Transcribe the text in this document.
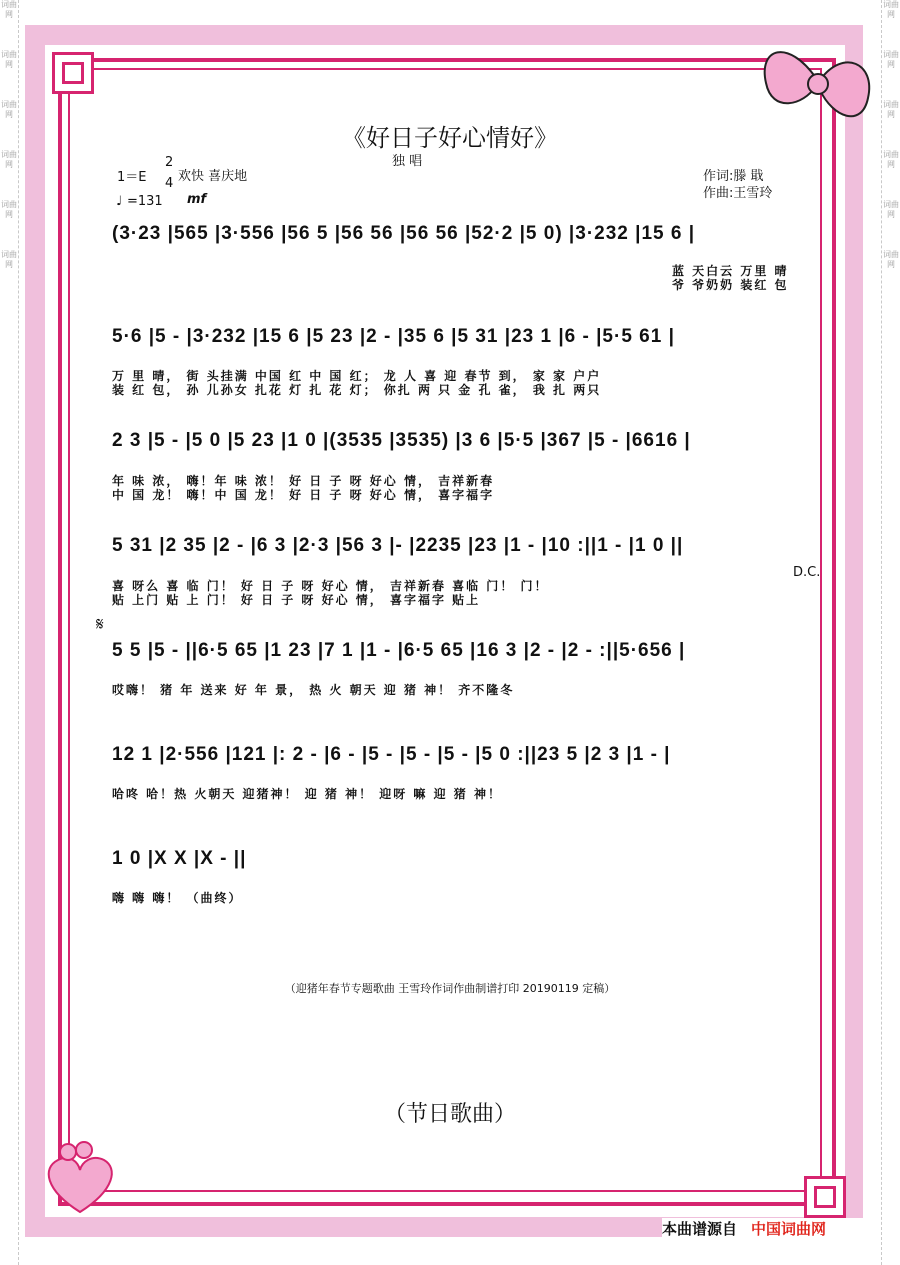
词曲网
词曲网
词曲网
词曲网
词曲网
词曲网
词曲网
词曲网
词曲网
词曲网
词曲网
词曲网
《好日子好心情好》
独 唱
1＝E
2
4 欢快 喜庆地
♩ =131 mf
作词:滕 戢
作曲:王雪玲
(3·23 |565 |3·556 |56 5 |56 56 |56 56 |52·2 |5 0) |3·232 |15 6 |
蓝 天白云 万里 晴
爷 爷奶奶 装红 包
5·6 |5 - |3·232 |15 6 |5 23 |2 - |35 6 |5 31 |23 1 |6 - |5·5 61 |
万 里 晴， 街 头挂满 中国 红 中 国 红； 龙 人 喜 迎 春节 到， 家 家 户户
装 红 包， 孙 儿孙女 扎花 灯 扎 花 灯； 你扎 两 只 金 孔 雀， 我 扎 两只
2 3 |5 - |5 0 |5 23 |1 0 |(3535 |3535) |3 6 |5·5 |367 |5 - |6616 |
年 味 浓， 嗨！年 味 浓！ 好 日 子 呀 好心 情， 吉祥新春
中 国 龙！ 嗨！中 国 龙！ 好 日 子 呀 好心 情， 喜字福字
5 31 |2 35 |2 - |6 3 |2·3 |56 3 |- |2235 |23 |1 - |10 :||1 - |1 0 ||
D.C.
喜 呀么 喜 临 门！ 好 日 子 呀 好心 情， 吉祥新春 喜临 门！ 门！
贴 上门 贴 上 门！ 好 日 子 呀 好心 情， 喜字福字 贴上
𝄋
5 5 |5 - ||6·5 65 |1 23 |7 1 |1 - |6·5 65 |16 3 |2 - |2 - :||5·656 |
哎嗨！ 猪 年 送来 好 年 景， 热 火 朝天 迎 猪 神！ 齐不隆冬
12 1 |2·556 |121 |: 2 - |6 - |5 - |5 - |5 - |5 0 :||23 5 |2 3 |1 - |
哈咚 哈！热 火朝天 迎猪神！ 迎 猪 神！ 迎呀 嘛 迎 猪 神！
1 0 |X X |X - ||
嗨 嗨 嗨！ （曲终）
（迎猪年春节专题歌曲 王雪玲作词作曲制谱打印 20190119 定稿）
（节日歌曲）
本曲谱源自 中国词曲网
